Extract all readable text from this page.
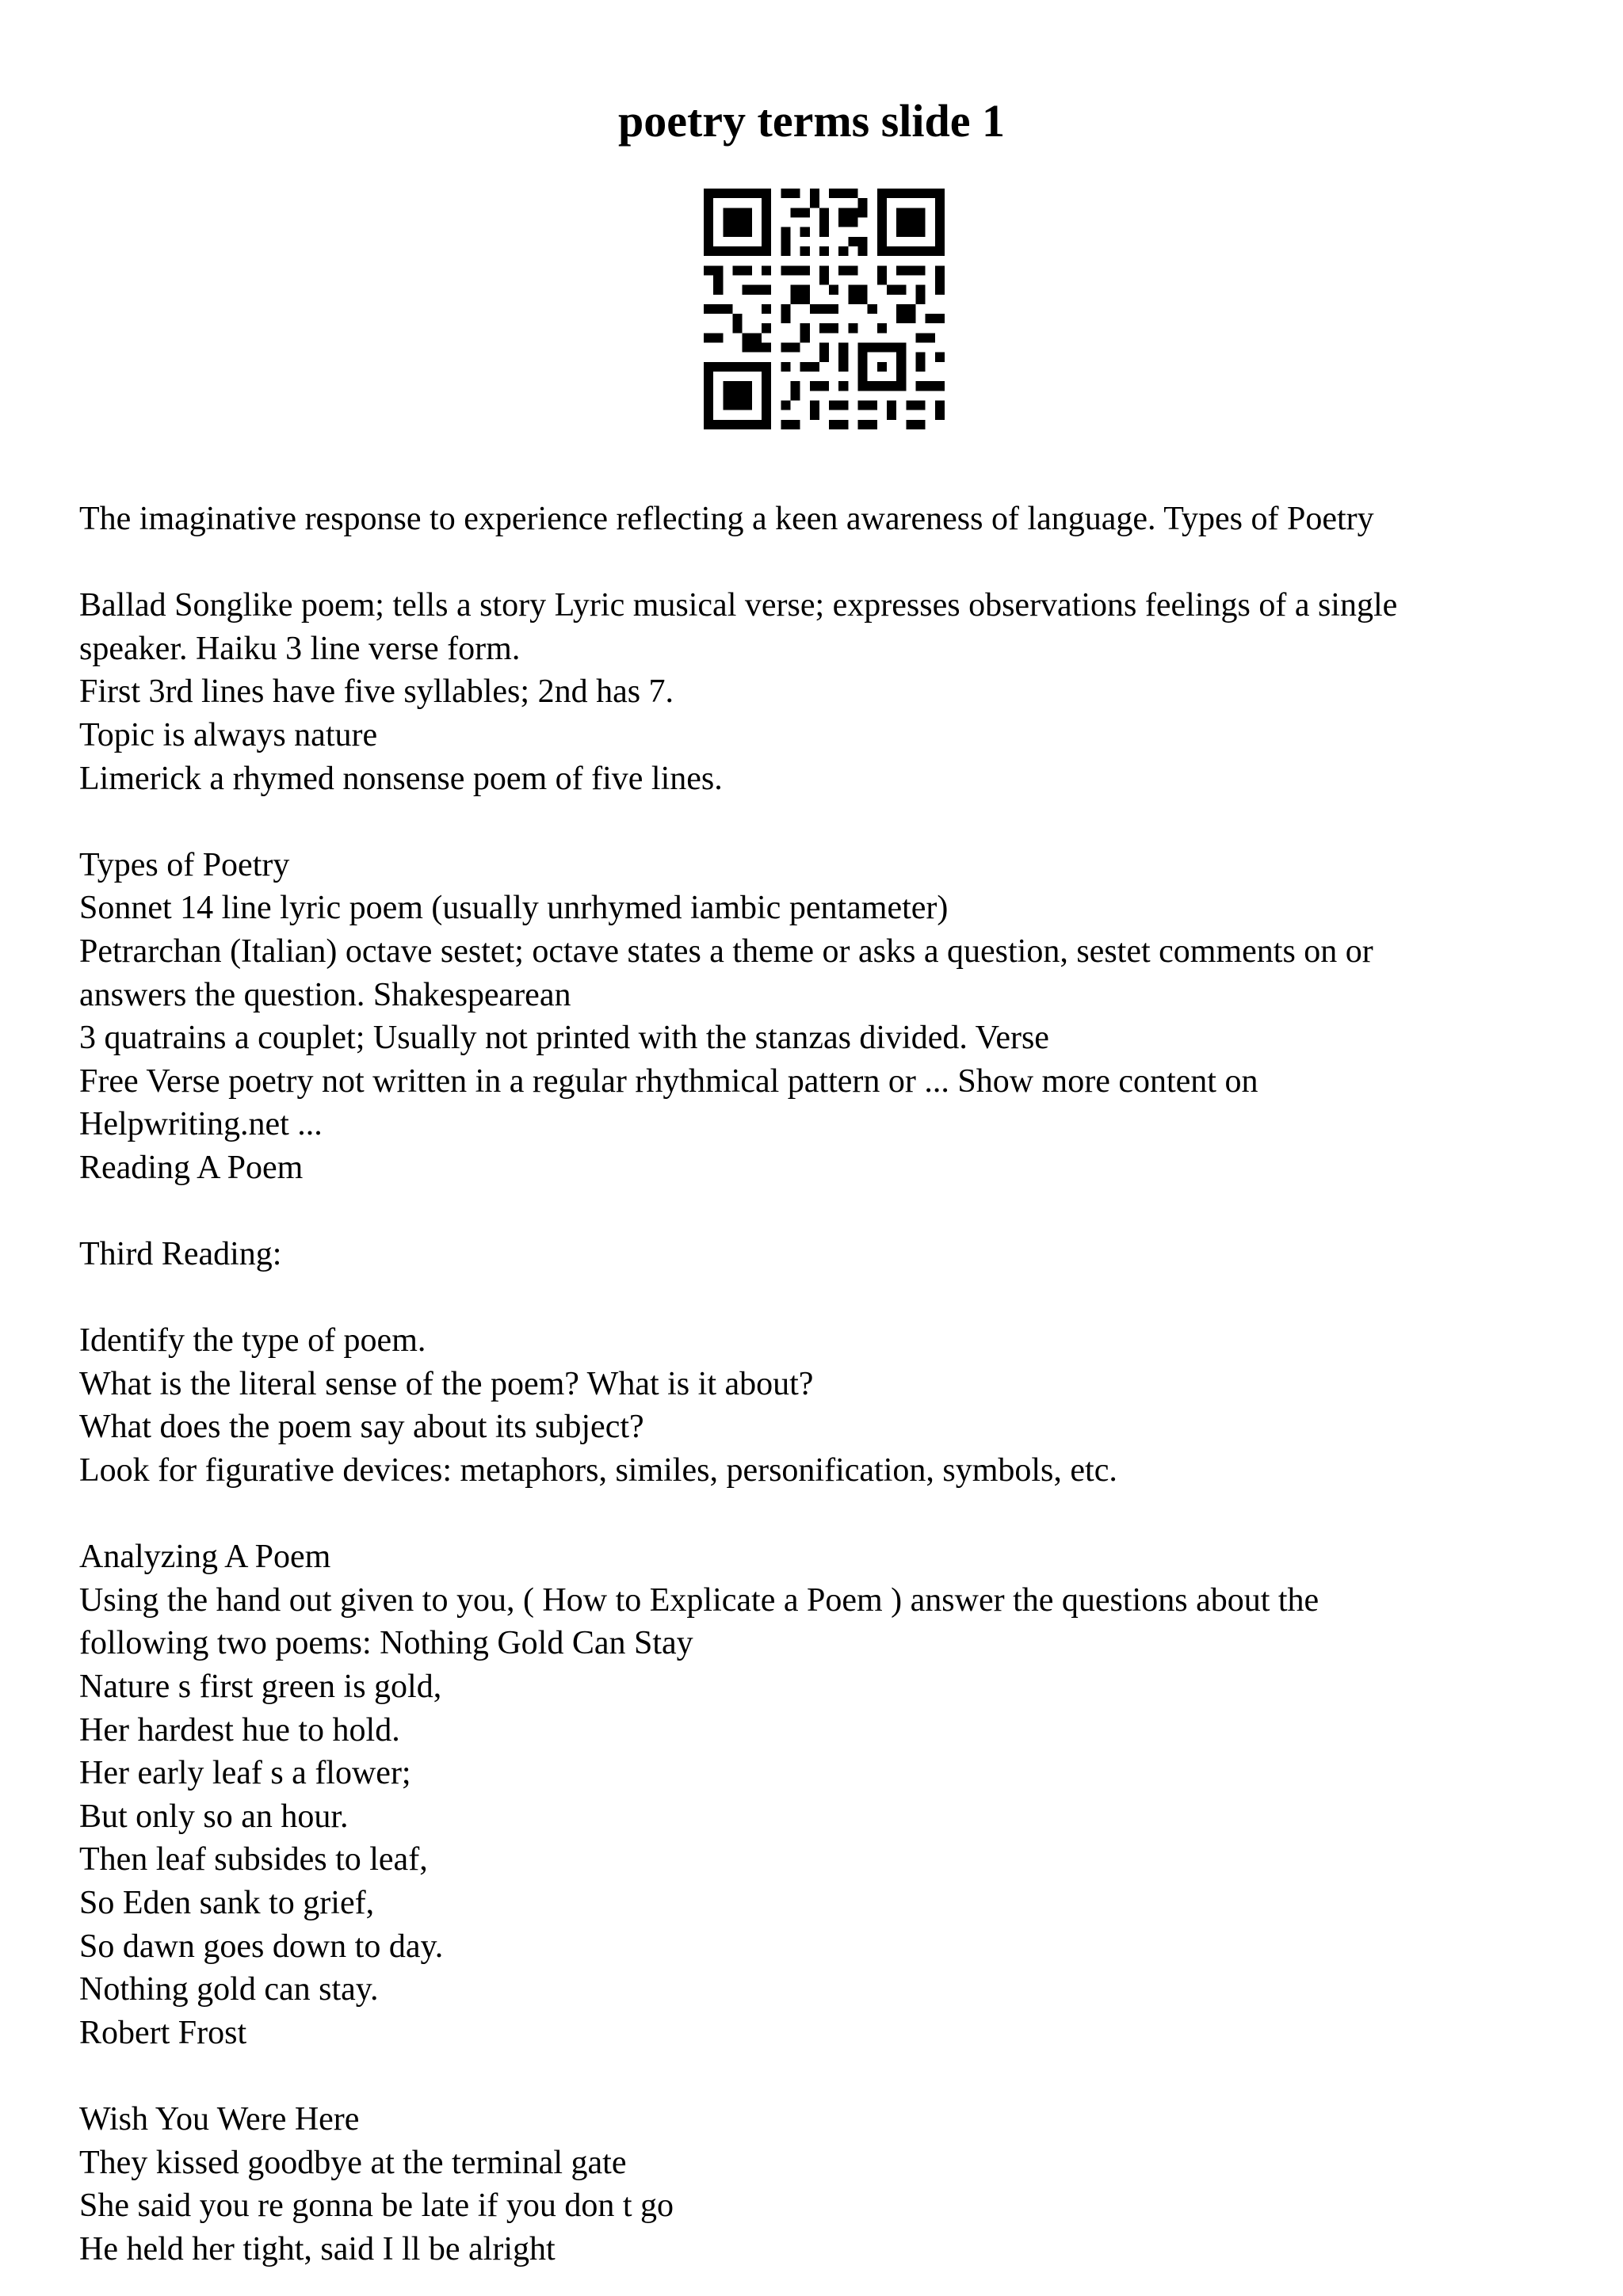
poetry terms slide 1
The imaginative response to experience reflecting a keen awareness of language. Types of Poetry
Ballad Songlike poem; tells a story Lyric musical verse; expresses observations feelings of a single
speaker. Haiku 3 line verse form.
First 3rd lines have five syllables; 2nd has 7.
Topic is always nature
Limerick a rhymed nonsense poem of five lines.
Types of Poetry
Sonnet 14 line lyric poem (usually unrhymed iambic pentameter)
Petrarchan (Italian) octave sestet; octave states a theme or asks a question, sestet comments on or
answers the question. Shakespearean
3 quatrains a couplet; Usually not printed with the stanzas divided. Verse
Free Verse poetry not written in a regular rhythmical pattern or ... Show more content on
Helpwriting.net ...
Reading A Poem
Third Reading:
Identify the type of poem.
What is the literal sense of the poem? What is it about?
What does the poem say about its subject?
Look for figurative devices: metaphors, similes, personification, symbols, etc.
Analyzing A Poem
Using the hand out given to you, ( How to Explicate a Poem ) answer the questions about the
following two poems: Nothing Gold Can Stay
Nature s first green is gold,
Her hardest hue to hold.
Her early leaf s a flower;
But only so an hour.
Then leaf subsides to leaf,
So Eden sank to grief,
So dawn goes down to day.
Nothing gold can stay.
Robert Frost
Wish You Were Here
They kissed goodbye at the terminal gate
She said you re gonna be late if you don t go
He held her tight, said I ll be alright
